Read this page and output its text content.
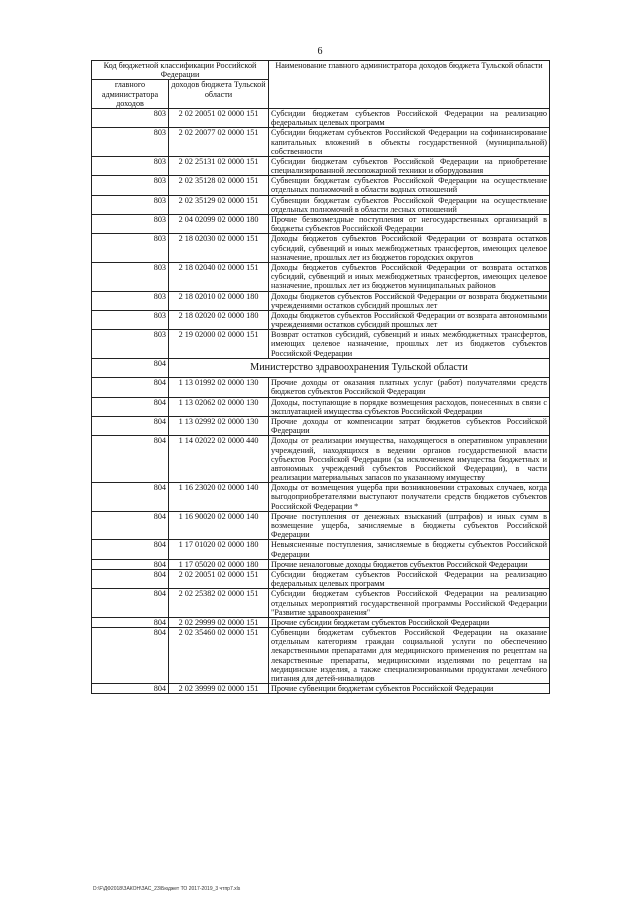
6
Код бюджетной классификации Российской Федерации		Наименование главного администратора доходов бюджета Тульской области
главного администратора доходов	доходов бюджета Тульской области	
803	2 02 20051 02 0000 151	Субсидии бюджетам субъектов Российской Федерации на реализацию федеральных целевых программ
803	2 02 20077 02 0000 151	Субсидии бюджетам субъектов Российской Федерации на софинансирование капитальных вложений в объекты государственной (муниципальной) собственности
803	2 02 25131 02 0000 151	Субсидии бюджетам субъектов Российской Федерации на приобретение специализированной лесопожарной техники и оборудования
803	2 02 35128 02 0000 151	Субвенции бюджетам субъектов Российской Федерации на осуществление отдельных полномочий в области водных отношений
803	2 02 35129 02 0000 151	Субвенции бюджетам субъектов Российской Федерации на осуществление отдельных полномочий в области лесных отношений
803	2 04 02099 02 0000 180	Прочие безвозмездные поступления от негосударственных организаций в бюджеты субъектов Российской Федерации
803	2 18 02030 02 0000 151	Доходы бюджетов субъектов Российской Федерации от возврата остатков субсидий, субвенций и иных межбюджетных трансфертов, имеющих целевое назначение, прошлых лет из бюджетов городских округов
803	2 18 02040 02 0000 151	Доходы бюджетов субъектов Российской Федерации от возврата остатков субсидий, субвенций и иных межбюджетных трансфертов, имеющих целевое назначение, прошлых лет из бюджетов муниципальных районов
803	2 18 02010 02 0000 180	Доходы бюджетов субъектов Российской Федерации от возврата бюджетными учреждениями остатков субсидий прошлых лет
803	2 18 02020 02 0000 180	Доходы бюджетов субъектов Российской Федерации от возврата автономными учреждениями остатков субсидий прошлых лет
803	2 19 02000 02 0000 151	Возврат остатков субсидий, субвенций и иных межбюджетных трансфертов, имеющих целевое назначение, прошлых лет из бюджетов субъектов Российской Федерации
804	Министерство здравоохранения Тульской области	
804	1 13 01992 02 0000 130	Прочие доходы от оказания платных услуг (работ) получателями средств бюджетов субъектов Российской Федерации
804	1 13 02062 02 0000 130	Доходы, поступающие в порядке возмещения расходов, понесенных в связи с эксплуатацией имущества субъектов Российской Федерации
804	1 13 02992 02 0000 130	Прочие доходы от компенсации затрат бюджетов субъектов Российской Федерации
804	1 14 02022 02 0000 440	Доходы от реализации имущества, находящегося в оперативном управлении учреждений, находящихся в ведении органов государственной власти субъектов Российской Федерации (за исключением имущества бюджетных и автономных учреждений субъектов Российской Федерации), в части реализации материальных запасов по указанному имуществу
804	1 16 23020 02 0000 140	Доходы от возмещения ущерба при возникновении страховых случаев, когда выгодоприобретателями выступают получатели средств бюджетов субъектов Российской Федерации *
804	1 16 90020 02 0000 140	Прочие поступления от денежных взысканий (штрафов) и иных сумм в возмещение ущерба, зачисляемые в бюджеты субъектов Российской Федерации
804	1 17 01020 02 0000 180	Невыясненные поступления, зачисляемые в бюджеты субъектов Российской Федерации
804	1 17 05020 02 0000 180	Прочие неналоговые доходы бюджетов субъектов Российской Федерации
804	2 02 20051 02 0000 151	Субсидии бюджетам субъектов Российской Федерации на реализацию федеральных целевых программ
804	2 02 25382 02 0000 151	Субсидии бюджетам субъектов Российской Федерации на реализацию отдельных мероприятий государственной программы Российской Федерации "Развитие здравоохранения"
804	2 02 29999 02 0000 151	Прочие субсидии бюджетам субъектов Российской Федерации
804	2 02 35460 02 0000 151	Субвенции бюджетам субъектов Российской Федерации на оказание отдельным категориям граждан социальной услуги по обеспечению лекарственными препаратами для медицинского применения по рецептам на лекарственные препараты, медицинскими изделиями по рецептам на медицинские изделия, а также специализированными продуктами лечебного питания для детей-инвалидов
804	2 02 39999 02 0000 151	Прочие субвенции бюджетам субъектов Российской Федерации
D:\F\ДФ2018\ЗАКОН\ЗАС_23\Бюджет ТО 2017-2019_3 чтпр7.xls
